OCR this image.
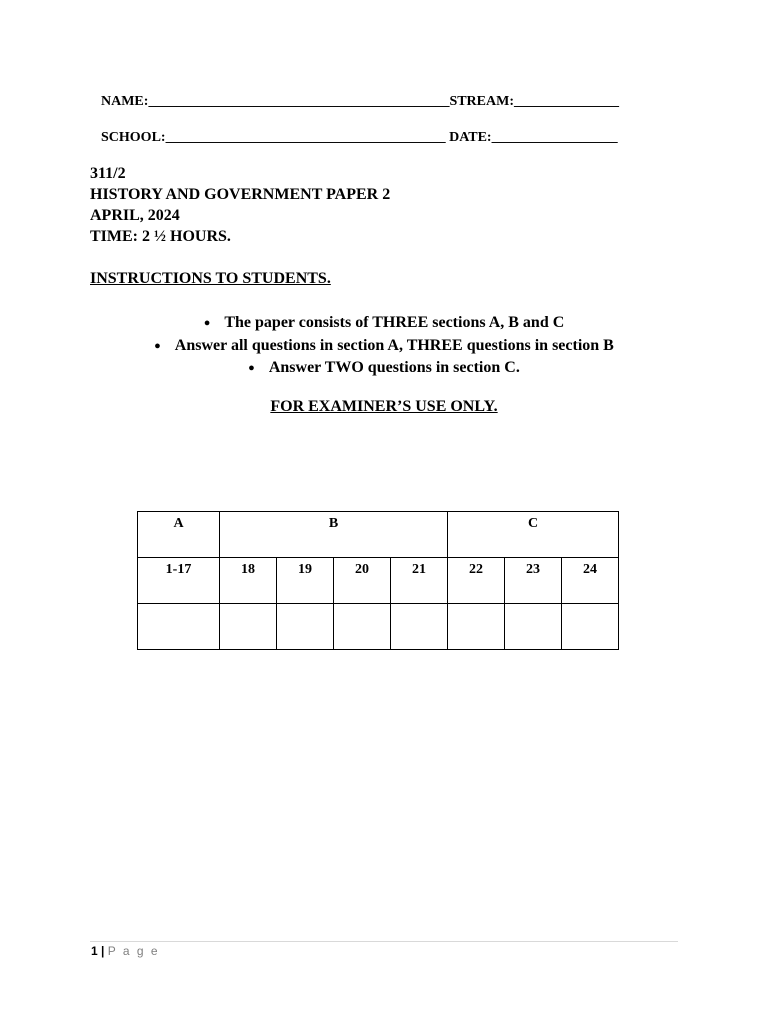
NAME:___________________________________________STREAM:_______________
SCHOOL:________________________________________ DATE:__________________
311/2
HISTORY AND GOVERNMENT PAPER 2
APRIL, 2024
TIME: 2 ½ HOURS.
INSTRUCTIONS TO STUDENTS.
● The paper consists of THREE sections A, B and C
● Answer all questions in section A, THREE questions in section B
● Answer TWO questions in section C.
FOR EXAMINER’S USE ONLY.
A	B				C		

1-17	18	19	20	21	22	23	24

1 | P a g e
